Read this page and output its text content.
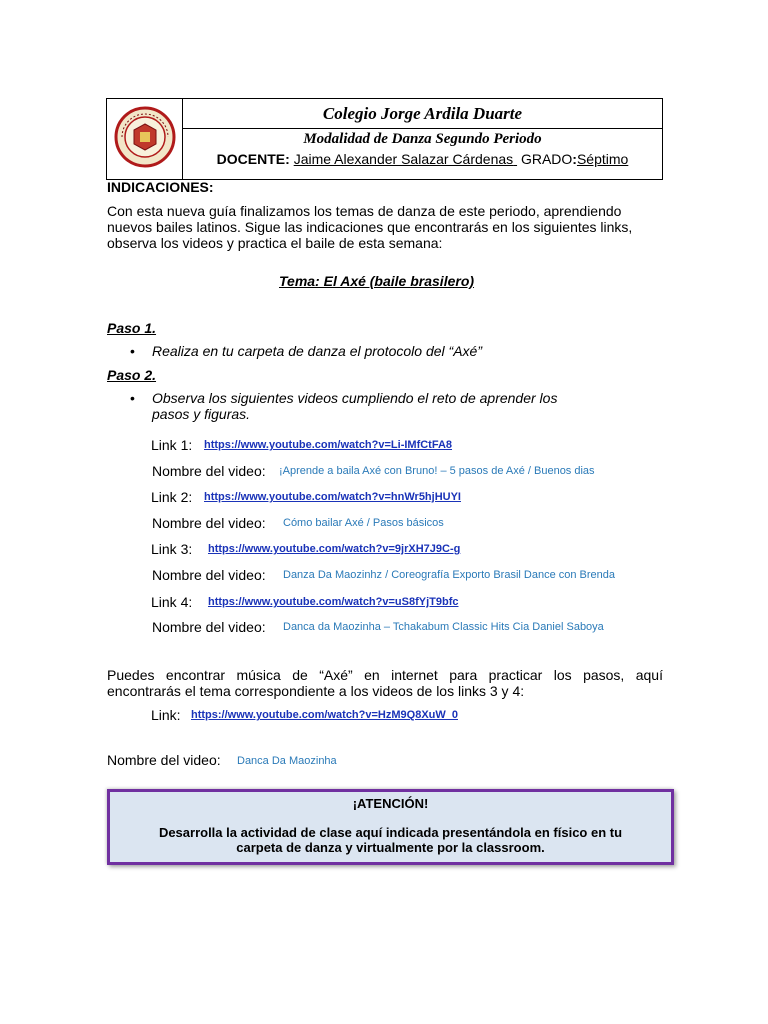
Colegio Jorge Ardila Duarte
Modalidad de Danza Segundo Periodo
DOCENTE: Jaime Alexander Salazar Cárdenas GRADO:Séptimo
INDICACIONES:
Con esta nueva guía finalizamos los temas de danza de este periodo, aprendiendo
nuevos bailes latinos. Sigue las indicaciones que encontrarás en los siguientes links,
observa los videos y practica el baile de esta semana:
Tema: El Axé (baile brasilero)
Paso 1.
• Realiza en tu carpeta de danza el protocolo del “Axé”
Paso 2.
• Observa los siguientes videos cumpliendo el reto de aprender los
pasos y figuras.
Link 1: https://www.youtube.com/watch?v=Li-IMfCtFA8
Nombre del video: ¡Aprende a baila Axé con Bruno! – 5 pasos de Axé / Buenos dias
Link 2: https://www.youtube.com/watch?v=hnWr5hjHUYI
Nombre del video: Cómo bailar Axé / Pasos básicos
Link 3: https://www.youtube.com/watch?v=9jrXH7J9C-g
Nombre del video: Danza Da Maozinhz / Coreografía Exporto Brasil Dance con Brenda
Link 4: https://www.youtube.com/watch?v=uS8fYjT9bfc
Nombre del video: Danca da Maozinha – Tchakabum Classic Hits Cia Daniel Saboya
Puedes encontrar música de “Axé” en internet para practicar los pasos, aquí
encontrarás el tema correspondiente a los videos de los links 3 y 4:
Link: https://www.youtube.com/watch?v=HzM9Q8XuW_0
Nombre del video: Danca Da Maozinha
¡ATENCIÓN!
Desarrolla la actividad de clase aquí indicada presentándola en físico en tu
carpeta de danza y virtualmente por la classroom.
